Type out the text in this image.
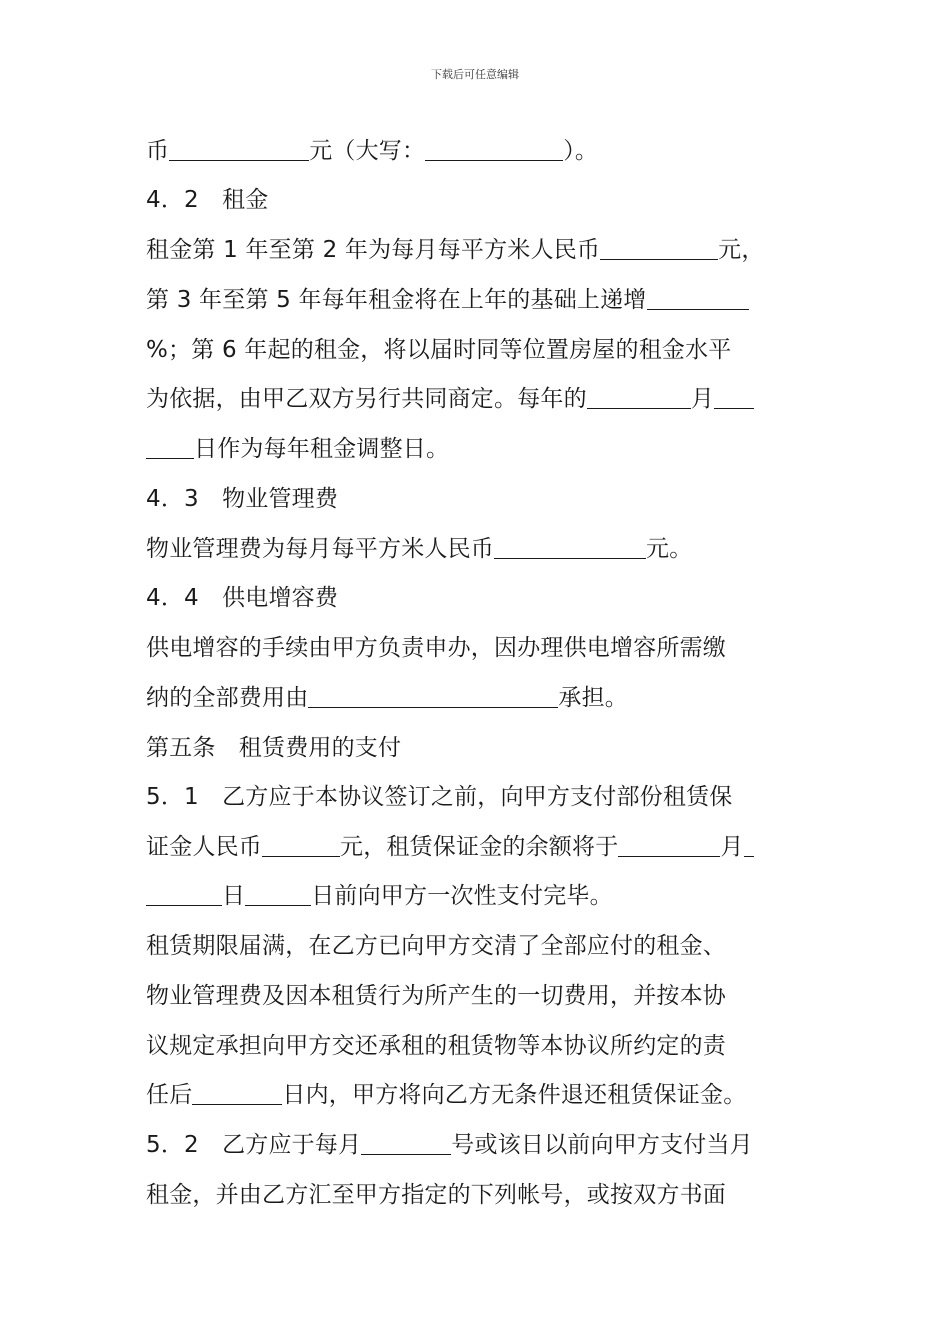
下载后可任意编辑
币	元（大写：	）。
4．2　租金
租金第 1 年至第 2 年为每月每平方米人民币	元，
第 3 年至第 5 年每年租金将在上年的基础上递增
%；第 6 年起的租金，将以届时同等位置房屋的租金水平
为依据，由甲乙双方另行共同商定。每年的	月
日作为每年租金调整日。
4．3　物业管理费
物业管理费为每月每平方米人民币	元。
4．4　供电增容费
供电增容的手续由甲方负责申办，因办理供电增容所需缴
纳的全部费用由	承担。
第五条　租赁费用的支付
5．1　乙方应于本协议签订之前，向甲方支付部份租赁保
证金人民币	元，租赁保证金的余额将于	月
日	日前向甲方一次性支付完毕。
租赁期限届满，在乙方已向甲方交清了全部应付的租金、
物业管理费及因本租赁行为所产生的一切费用，并按本协
议规定承担向甲方交还承租的租赁物等本协议所约定的责
任后	日内，甲方将向乙方无条件退还租赁保证金。
5．2　乙方应于每月	号或该日以前向甲方支付当月
租金，并由乙方汇至甲方指定的下列帐号，或按双方书面
